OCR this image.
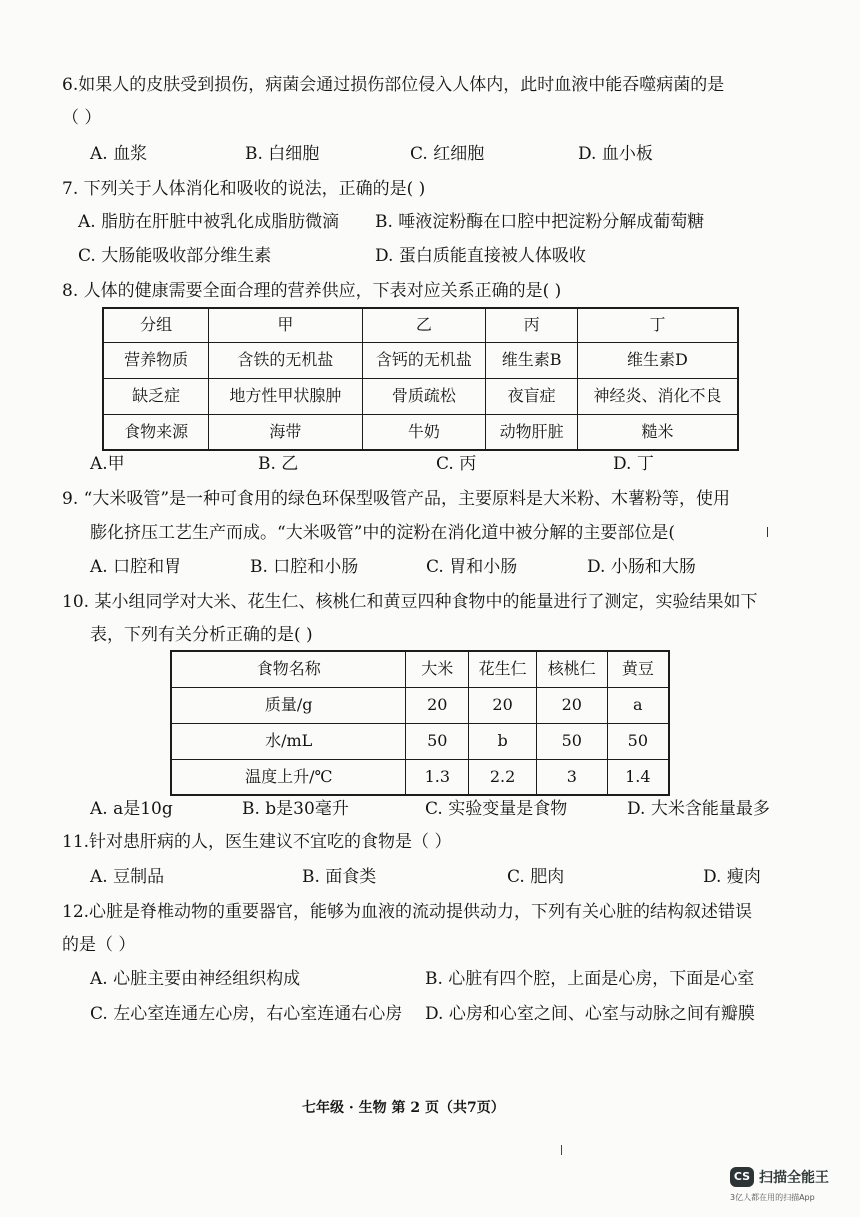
6.如果人的皮肤受到损伤，病菌会通过损伤部位侵入人体内，此时血液中能吞噬病菌的是
（ ）
A. 血浆	B. 白细胞	C. 红细胞	D. 血小板
7. 下列关于人体消化和吸收的说法，正确的是( )
A. 脂肪在肝脏中被乳化成脂肪微滴 B. 唾液淀粉酶在口腔中把淀粉分解成葡萄糖
C. 大肠能吸收部分维生素	D. 蛋白质能直接被人体吸收
8. 人体的健康需要全面合理的营养供应，下表对应关系正确的是( )
分组	甲	乙	丙	丁
营养物质	含铁的无机盐	含钙的无机盐	维生素B	维生素D
缺乏症	地方性甲状腺肿	骨质疏松	夜盲症	神经炎、消化不良
食物来源	海带	牛奶	动物肝脏	糙米
A.甲	B. 乙	C. 丙	D. 丁
9. “大米吸管”是一种可食用的绿色环保型吸管产品，主要原料是大米粉、木薯粉等，使用
膨化挤压工艺生产而成。“大米吸管”中的淀粉在消化道中被分解的主要部位是(
A. 口腔和胃	B. 口腔和小肠	C. 胃和小肠	D. 小肠和大肠
10. 某小组同学对大米、花生仁、核桃仁和黄豆四种食物中的能量进行了测定，实验结果如下
表，下列有关分析正确的是( )
食物名称	大米	花生仁	核桃仁	黄豆
质量/g	20	20	20	a
水/mL	50	b	50	50
温度上升/℃	1.3	2.2	3	1.4
A. a是10g	B. b是30毫升	C. 实验变量是食物	D. 大米含能量最多
11.针对患肝病的人，医生建议不宜吃的食物是（ ）
A. 豆制品	B. 面食类	C. 肥肉	D. 瘦肉
12.心脏是脊椎动物的重要器官，能够为血液的流动提供动力，下列有关心脏的结构叙述错误
的是（ ）
A. 心脏主要由神经组织构成	B. 心脏有四个腔，上面是心房，下面是心室
C. 左心室连通左心房，右心室连通右心房 D. 心房和心室之间、心室与动脉之间有瓣膜
七年级 · 生物 第 2 页（共7页）
CS 扫描全能王
3亿人都在用的扫描App
